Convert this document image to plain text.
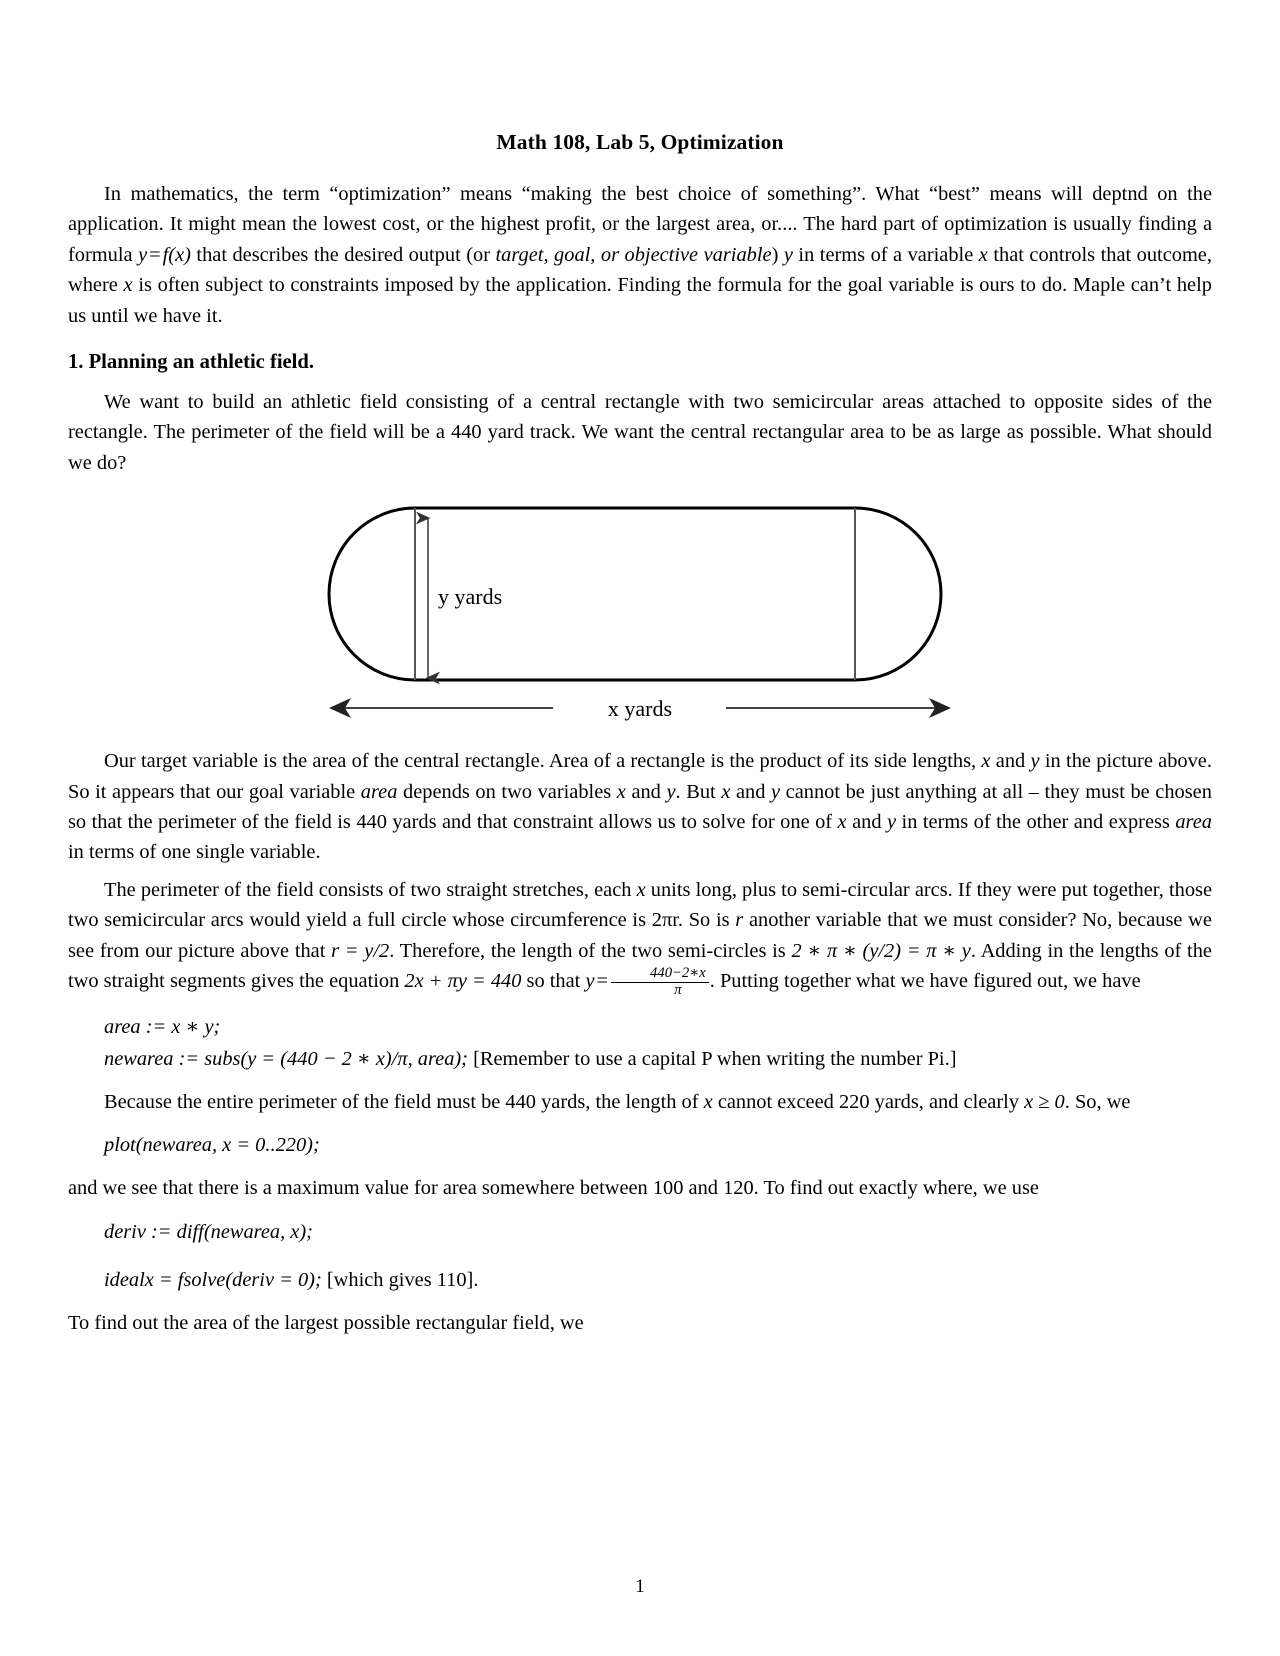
Math 108, Lab 5, Optimization

In mathematics, the term “optimization” means “making the best choice of something”. What “best” means will deptnd on the application. It might mean the lowest cost, or the highest profit, or the largest area, or.... The hard part of optimization is usually finding a formula y=f(x) that describes the desired output (or target, goal, or objective variable) y in terms of a variable x that controls that outcome, where x is often subject to constraints imposed by the application. Finding the formula for the goal variable is ours to do. Maple can’t help us until we have it.

1. Planning an athletic field.

We want to build an athletic field consisting of a central rectangle with two semicircular areas attached to opposite sides of the rectangle. The perimeter of the field will be a 440 yard track. We want the central rectangular area to be as large as possible. What should we do?

y yards
x yards

Our target variable is the area of the central rectangle. Area of a rectangle is the product of its side lengths, x and y in the picture above. So it appears that our goal variable area depends on two variables x and y. But x and y cannot be just anything at all – they must be chosen so that the perimeter of the field is 440 yards and that constraint allows us to solve for one of x and y in terms of the other and express area in terms of one single variable.

The perimeter of the field consists of two straight stretches, each x units long, plus to semi-circular arcs. If they were put together, those two semicircular arcs would yield a full circle whose circumference is 2πr. So is r another variable that we must consider? No, because we see from our picture above that r = y/2. Therefore, the length of the two semi-circles is 2 ∗ π ∗ (y/2) = π ∗ y. Adding in the lengths of the two straight segments gives the equation 2x + πy = 440 so that $y= \frac{440-2∗x}{\pi}$ . Putting together what we have figured out, we have

area := x ∗ y;
newarea := subs(y = (440 − 2 ∗ x)/π, area); [Remember to use a capital P when writing the number Pi.]

Because the entire perimeter of the field must be 440 yards, the length of x cannot exceed 220 yards, and clearly x ≥ 0. So, we

plot(newarea, x = 0..220);

and we see that there is a maximum value for area somewhere between 100 and 120. To find out exactly where, we use

deriv := diff(newarea, x);
idealx = fsolve(deriv = 0); [which gives 110].

To find out the area of the largest possible rectangular field, we

1
